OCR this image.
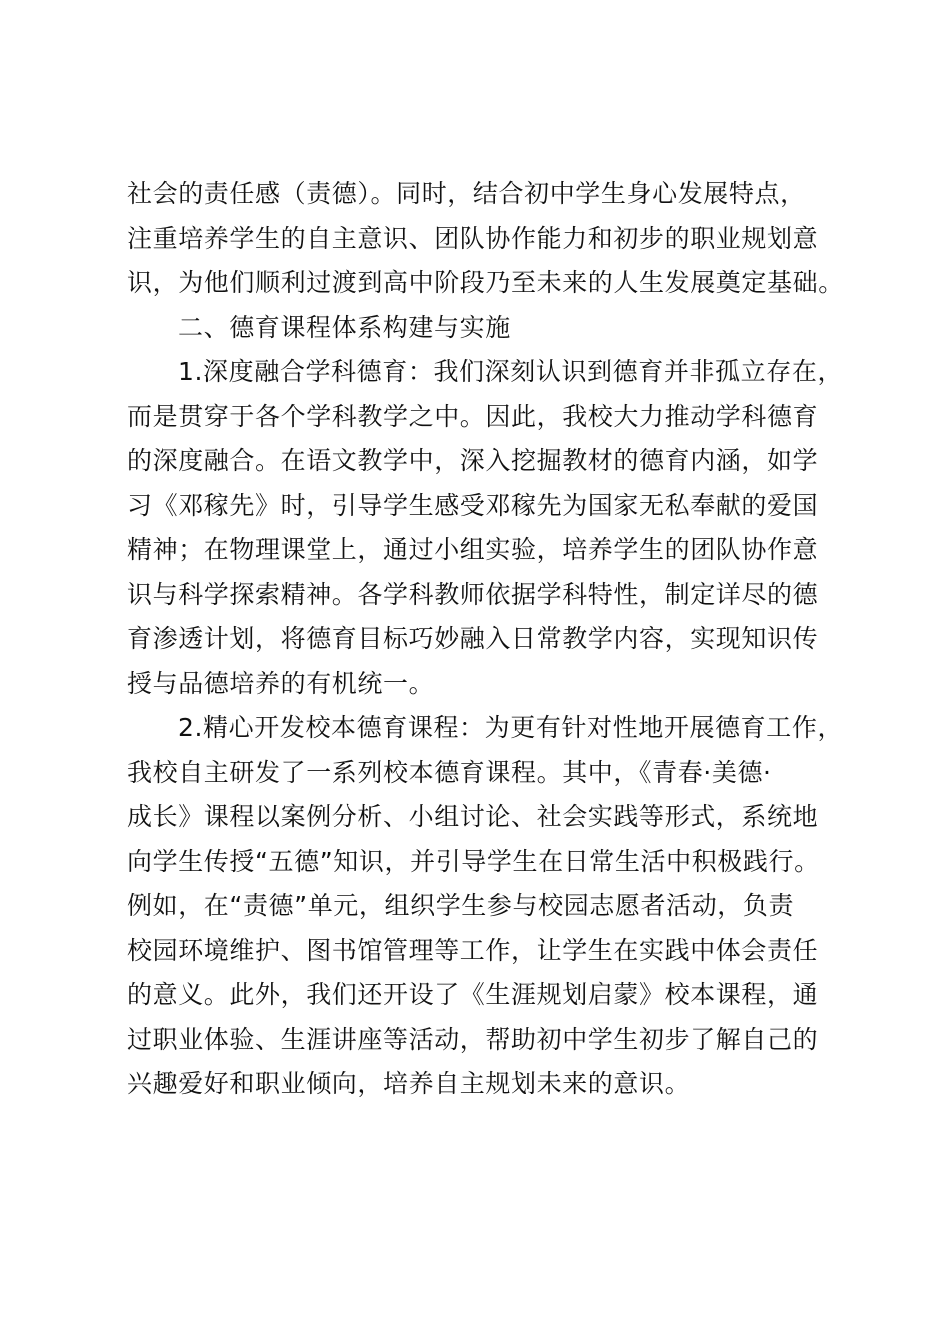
社会的责任感（责德）。同时，结合初中学生身心发展特点，
注重培养学生的自主意识、团队协作能力和初步的职业规划意
识，为他们顺利过渡到高中阶段乃至未来的人生发展奠定基础。
二、德育课程体系构建与实施
1.深度融合学科德育：我们深刻认识到德育并非孤立存在，
而是贯穿于各个学科教学之中。因此，我校大力推动学科德育
的深度融合。在语文教学中，深入挖掘教材的德育内涵，如学
习《邓稼先》时，引导学生感受邓稼先为国家无私奉献的爱国
精神；在物理课堂上，通过小组实验，培养学生的团队协作意
识与科学探索精神。各学科教师依据学科特性，制定详尽的德
育渗透计划，将德育目标巧妙融入日常教学内容，实现知识传
授与品德培养的有机统一。
2.精心开发校本德育课程：为更有针对性地开展德育工作，
我校自主研发了一系列校本德育课程。其中，《青春·美德·
成长》课程以案例分析、小组讨论、社会实践等形式，系统地
向学生传授“五德”知识，并引导学生在日常生活中积极践行。
例如，在“责德”单元，组织学生参与校园志愿者活动，负责
校园环境维护、图书馆管理等工作，让学生在实践中体会责任
的意义。此外，我们还开设了《生涯规划启蒙》校本课程，通
过职业体验、生涯讲座等活动，帮助初中学生初步了解自己的
兴趣爱好和职业倾向，培养自主规划未来的意识。
